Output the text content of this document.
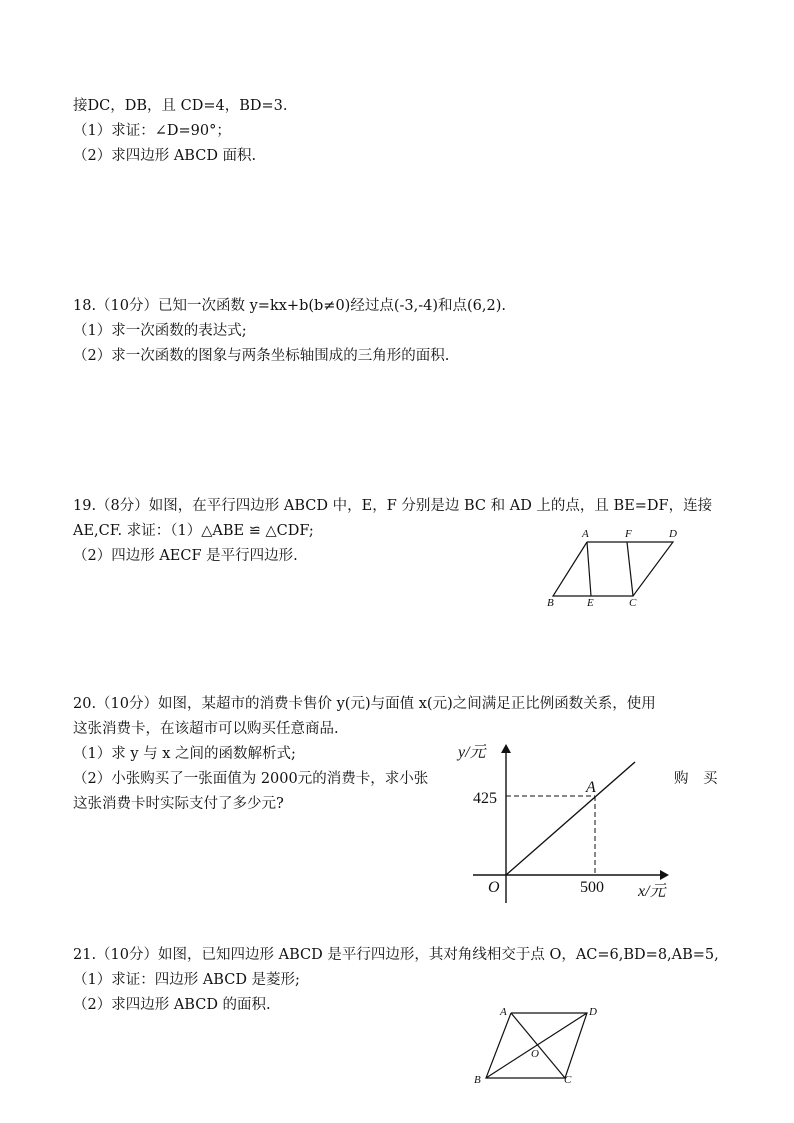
接DC，DB，且 CD=4，BD=3.
（1）求证：∠D=90°；
（2）求四边形 ABCD 面积.
18.（10分）已知一次函数 y=kx+b(b≠0)经过点(-3,-4)和点(6,2).
（1）求一次函数的表达式;
（2）求一次函数的图象与两条坐标轴围成的三角形的面积.
19.（8分）如图，在平行四边形 ABCD 中，E，F 分别是边 BC 和 AD 上的点，且 BE=DF，连接
AE,CF. 求证：（1）△ABE ≌ △CDF;
（2）四边形 AECF 是平行四边形.
A	F	D
B	E	C
20.（10分）如图，某超市的消费卡售价 y(元)与面值 x(元)之间满足正比例函数关系，使用
这张消费卡，在该超市可以购买任意商品.
（1）求 y 与 x 之间的函数解析式;
（2）小张购买了一张面值为 2000元的消费卡，求小张	购　买
这张消费卡时实际支付了多少元?
y/元
x/元
O
A
425
500
21.（10分）如图，已知四边形 ABCD 是平行四边形，其对角线相交于点 O，AC=6,BD=8,AB=5,
（1）求证：四边形 ABCD 是菱形;
（2）求四边形 ABCD 的面积.	A	D
O
B	C
